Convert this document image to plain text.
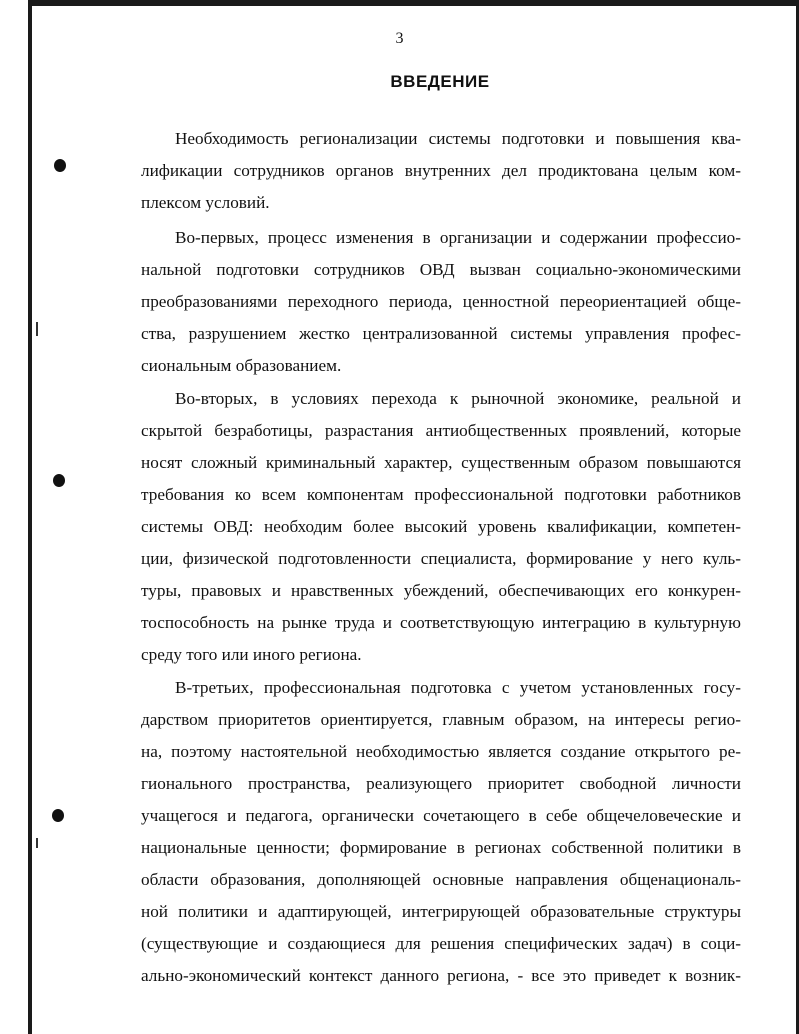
3
ВВЕДЕНИЕ
Необходимость регионализации системы подготовки и повышения ква-
лификации сотрудников органов внутренних дел продиктована целым ком-
плексом условий.
Во-первых, процесс изменения в организации и содержании профессио-
нальной подготовки сотрудников ОВД вызван социально-экономическими
преобразованиями переходного периода, ценностной переориентацией обще-
ства, разрушением жестко централизованной системы управления профес-
сиональным образованием.
Во-вторых, в условиях перехода к рыночной экономике, реальной и
скрытой безработицы, разрастания антиобщественных проявлений, которые
носят сложный криминальный характер, существенным образом повышаются
требования ко всем компонентам профессиональной подготовки работников
системы ОВД: необходим более высокий уровень квалификации, компетен-
ции, физической подготовленности специалиста, формирование у него куль-
туры, правовых и нравственных убеждений, обеспечивающих его конкурен-
тоспособность на рынке труда и соответствующую интеграцию в культурную
среду того или иного региона.
В-третьих, профессиональная подготовка с учетом установленных госу-
дарством приоритетов ориентируется, главным образом, на интересы регио-
на, поэтому настоятельной необходимостью является создание открытого ре-
гионального пространства, реализующего приоритет свободной личности
учащегося и педагога, органически сочетающего в себе общечеловеческие и
национальные ценности; формирование в регионах собственной политики в
области образования, дополняющей основные направления общенациональ-
ной политики и адаптирующей, интегрирующей образовательные структуры
(существующие и создающиеся для решения специфических задач) в соци-
ально-экономический контекст данного региона, - все это приведет к возник-
